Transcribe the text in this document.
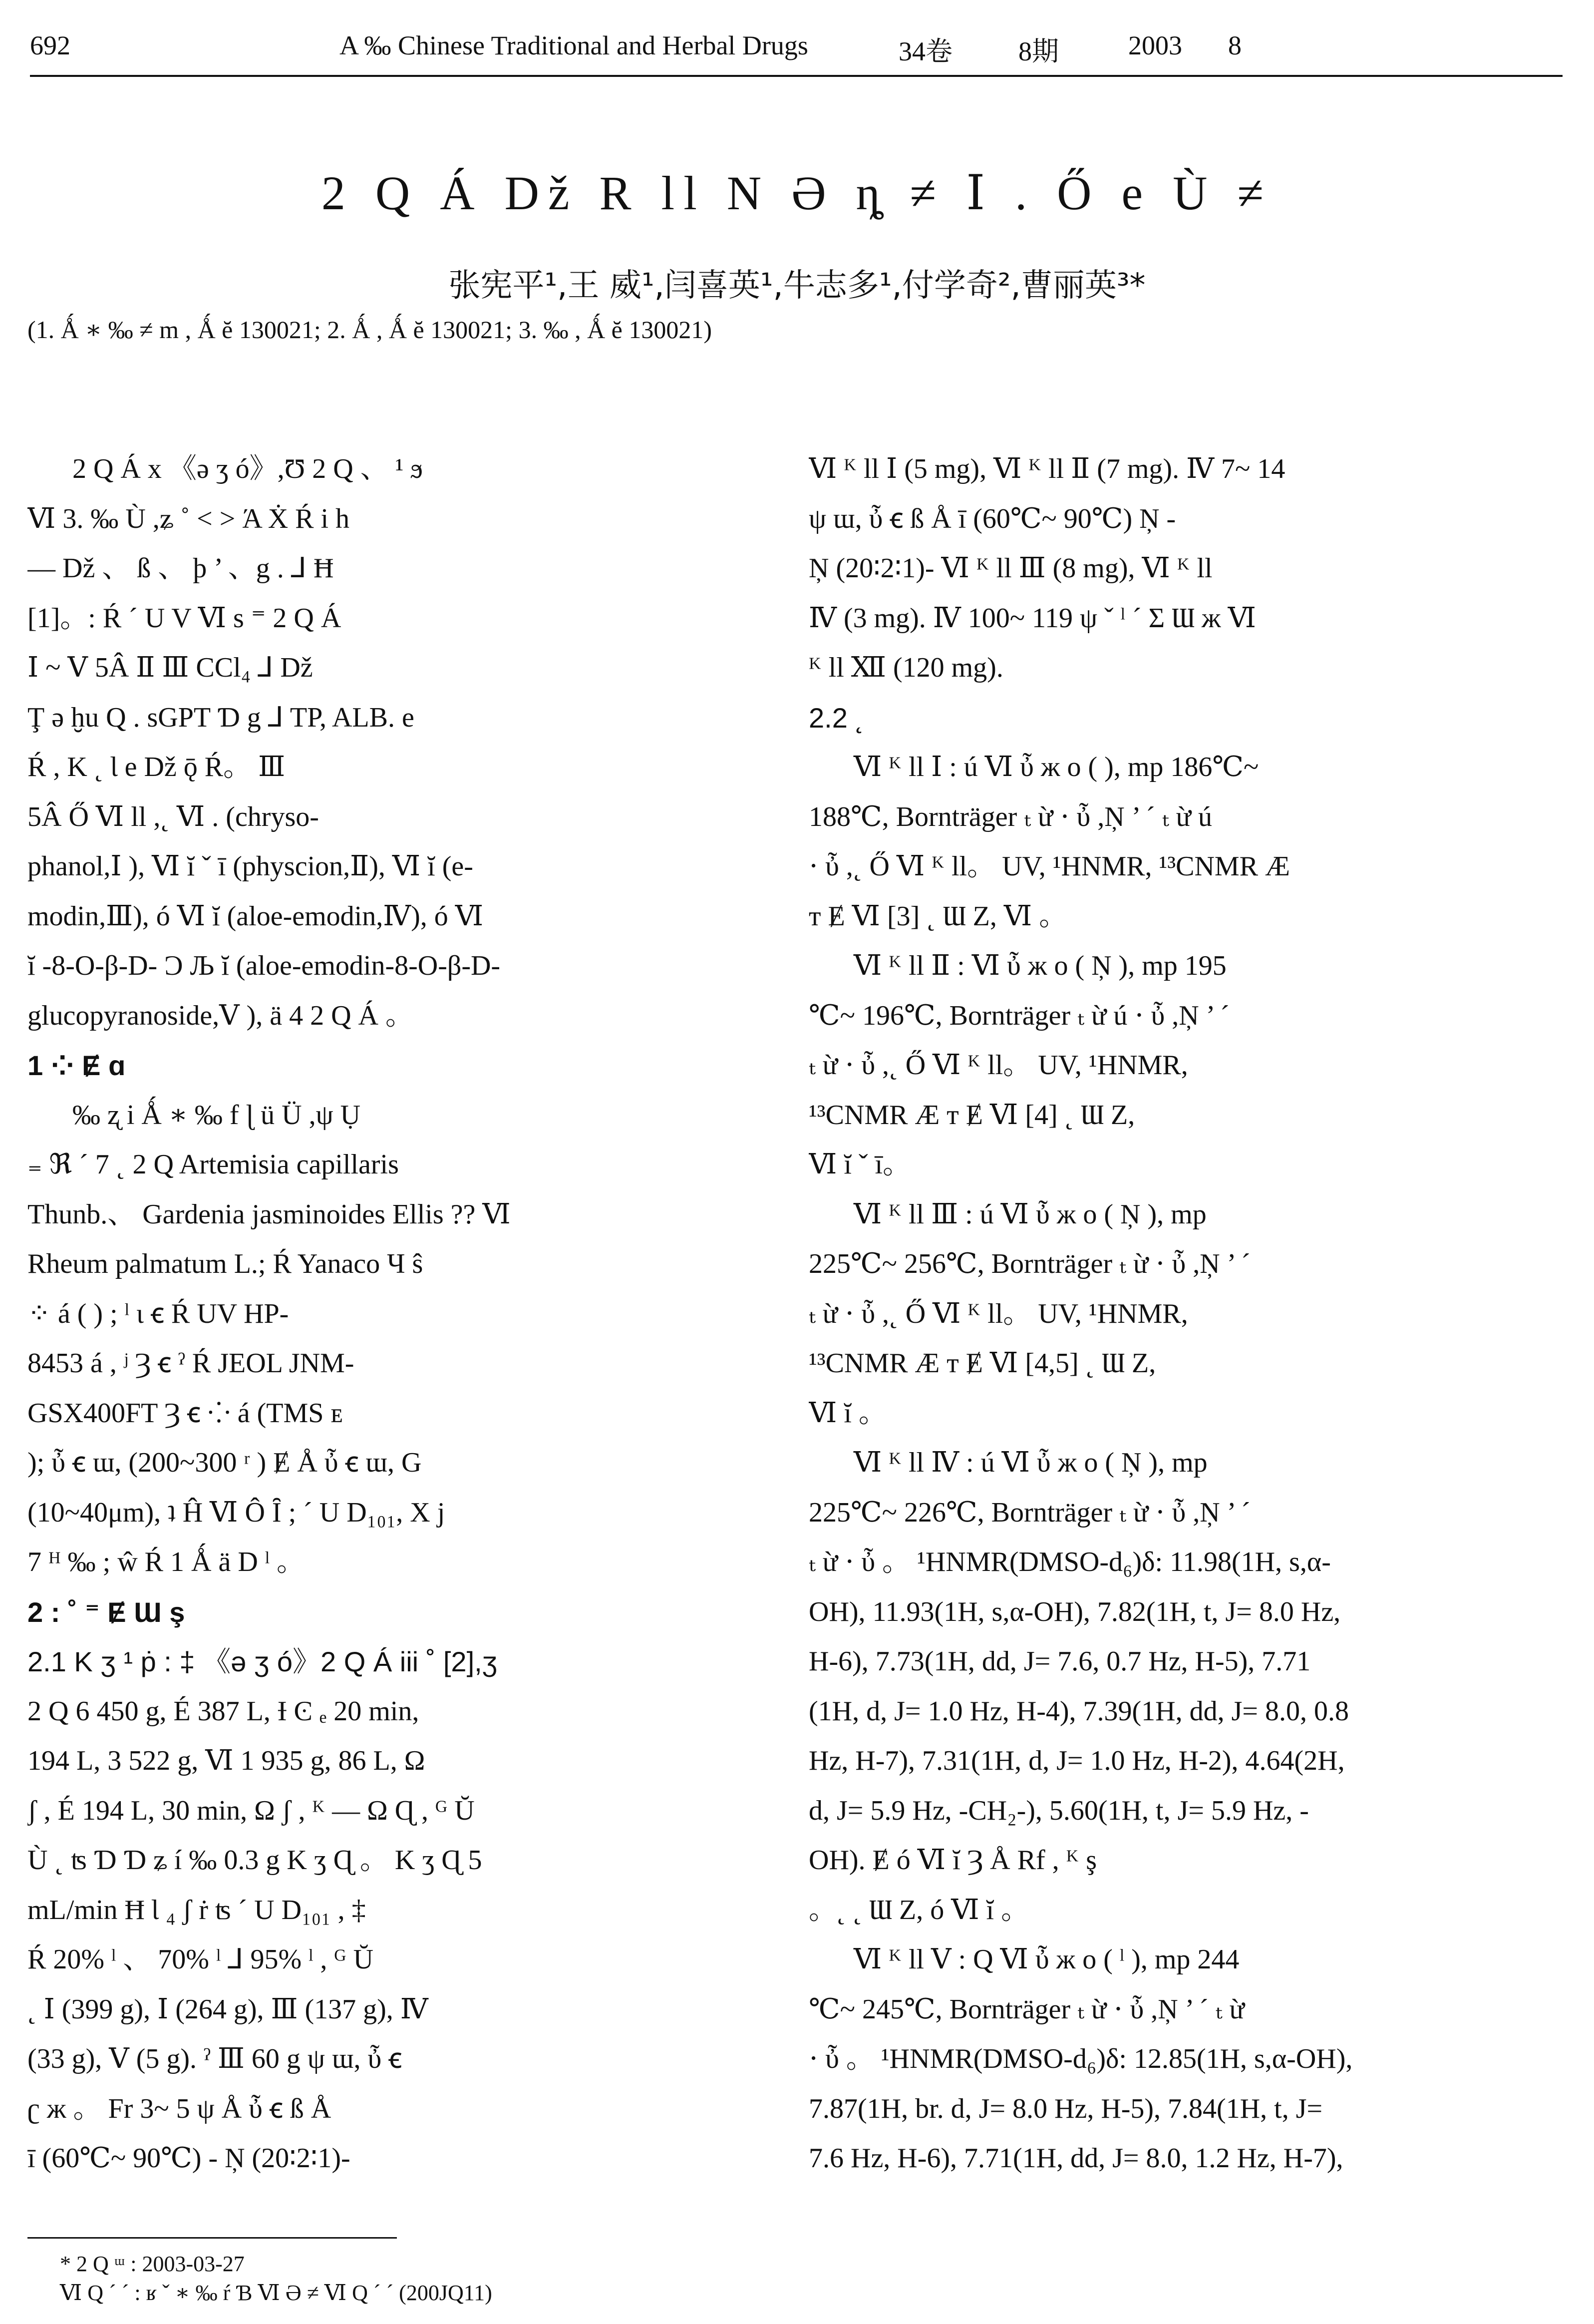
692	A ‰ Chinese Traditional and Herbal Drugs	34卷 8期	2003 8
2 Q Á Dž R ll N Ə ȵ ≠ Ⅰ . Ő e Ù ≠
张宪平¹,王 威¹,闫喜英¹,牛志多¹,付学奇²,曹丽英³*
(1. Ǻ ∗ ‰ ≠ m , Ǻ ĕ 130021; 2. Ǻ , Ǻ ĕ 130021; 3. ‰ , Ǻ ĕ 130021)

2 Q Á x 《ə ʒ ó》,Ʊ 2 Q 、 ¹ ϧ

Ⅵ 3. ‰ Ù ,ʑ ˚ ˂ ˃ Ά Ẋ Ŕ i h

— Dž 、 ß 、 þ ’ 、g . ⅃ Ħ

[1]。: Ŕ ˊ U V Ⅵ s ⁼ 2 Q Á

Ⅰ ~ Ⅴ 5Â Ⅱ Ⅲ CCl₄ ⅃ Dž

Ţ ə ḫu Q . sGPT Ɗ g ⅃ TP, ALB. e

Ŕ , K ˛ Ɩ e Dž ǭ Ŕ。 Ⅲ

5Â Ő Ⅵ ll ,˛ Ⅵ . (chryso-

phanol,Ⅰ ), Ⅵ ĭ ˇ ī (physcion,Ⅱ), Ⅵ ĭ (e-

modin,Ⅲ), ó Ⅵ ĭ (aloe-emodin,Ⅳ), ó Ⅵ

ĭ -8-O-β-D- Ɔ Љ ĭ (aloe-emodin-8-O-β-D-

glucopyranoside,Ⅴ ), ä 4 2 Q Á 。

1 ⁘ Ɇ ɑ

‰ ʐ i Ǻ ∗ ‰ f ɭ ü Ü ,ψ Ụ

₌ ℜ ˊ 7 ˛ 2 Q Artemisia capillaris

Thunb.、 Gardenia jasminoides Ellis ?? Ⅵ

Rheum palmatum L.; Ŕ Yanaco Ч ŝ

⁘ á ( ) ; ˡ ι ꞓ Ŕ UV HP-

8453 á , ʲ Ȝ ꞓ ˀ Ŕ JEOL JNM-

GSX400FT Ȝ ꞓ ⁘ á (TMS ᴇ

); ὖ ꞓ ɯ, (200~300 ʳ ) Ɇ Å ὖ ꞓ ɯ, G

(10~40μm), ʇ Ĥ Ⅵ Ô Ȋ ; ˊ U D₁₀₁, X j

7 ᴴ ‰ ; ŵ Ŕ 1 Ǻ ä D ˡ 。

2 : ˚ ⁼ Ɇ Ɯ ş

2.1 K ʒ ¹ ṗ : ‡ 《ə ʒ ó》2 Q Á iii ˚ [2],ʒ

2 Q 6 450 g, É 387 L, Ɨ Ͼ ₑ 20 min,

194 L, 3 522 g, Ⅵ 1 935 g, 86 L, Ω

ʃ , É 194 L, 30 min, Ω ʃ , ᴷ — Ω Ɋ , ᴳ Ŭ

Ù ˛ ʦ Ɗ Ɗ ʑ í ‰ 0.3 g K ʒ Ɋ 。 K ʒ Ɋ 5

mL/min Ħ Ɩ ₄ ʃ ṙ ʦ ˊ U D₁₀₁ , ‡

Ŕ 20% ˡ 、 70% ˡ ⅃ 95% ˡ , ᴳ Ŭ

˛ Ⅰ (399 g), Ⅰ (264 g), Ⅲ (137 g), Ⅳ

(33 g), Ⅴ (5 g). ˀ Ⅲ 60 g ψ ɯ, ὖ ꞓ

ʗ ж 。 Fr 3~ 5 ψ Å ὖ ꞓ ß Å

ī (60℃~ 90℃) - Ņ (20∶2∶1)-

Ⅵ ᴷ ll Ⅰ (5 mg), Ⅵ ᴷ ll Ⅱ (7 mg). Ⅳ 7~ 14

ψ ɯ, ὖ ꞓ ß Å ī (60℃~ 90℃) Ņ -

Ņ (20∶2∶1)- Ⅵ ᴷ ll Ⅲ (8 mg), Ⅵ ᴷ ll

Ⅳ (3 mg). Ⅳ 100~ 119 ψ ˇ ˡ ˊ Σ Ɯ ж Ⅵ

ᴷ ll Ⅻ (120 mg).

2.2 ˛

Ⅵ ᴷ ll Ⅰ : ú Ⅵ ὖ ж o ( ), mp 186℃~

188℃, Bornträger ₜ ừ ⋅ ὖ ,Ņ ’ ˊ ₜ ừ ú

⋅ ὖ ,˛ Ő Ⅵ ᴷ ll。 UV, ¹HNMR, ¹³CNMR Æ

ᴛ Ɇ Ⅵ [3] ˛ Ɯ Z, Ⅵ 。

Ⅵ ᴷ ll Ⅱ : Ⅵ ὖ ж o ( Ņ ), mp 195

℃~ 196℃, Bornträger ₜ ừ ú ⋅ ὖ ,Ņ ’ ˊ

ₜ ừ ⋅ ὖ ,˛ Ő Ⅵ ᴷ ll。 UV, ¹HNMR,

¹³CNMR Æ ᴛ Ɇ Ⅵ [4] ˛ Ɯ Z,

Ⅵ ĭ ˇ ī。

Ⅵ ᴷ ll Ⅲ : ú Ⅵ ὖ ж o ( Ņ ), mp

225℃~ 256℃, Bornträger ₜ ừ ⋅ ὖ ,Ņ ’ ˊ

ₜ ừ ⋅ ὖ ,˛ Ő Ⅵ ᴷ ll。 UV, ¹HNMR,

¹³CNMR Æ ᴛ Ɇ Ⅵ [4,5] ˛ Ɯ Z,

Ⅵ ĭ 。

Ⅵ ᴷ ll Ⅳ : ú Ⅵ ὖ ж o ( Ņ ), mp

225℃~ 226℃, Bornträger ₜ ừ ⋅ ὖ ,Ņ ’ ˊ

ₜ ừ ⋅ ὖ 。 ¹HNMR(DMSO-d₆)δ: 11.98(1H, s,α-

OH), 11.93(1H, s,α-OH), 7.82(1H, t, J= 8.0 Hz,

H-6), 7.73(1H, dd, J= 7.6, 0.7 Hz, H-5), 7.71

(1H, d, J= 1.0 Hz, H-4), 7.39(1H, dd, J= 8.0, 0.8

Hz, H-7), 7.31(1H, d, J= 1.0 Hz, H-2), 4.64(2H,

d, J= 5.9 Hz, -CH₂-), 5.60(1H, t, J= 5.9 Hz, -

OH). Ɇ ó Ⅵ ĭ Ȝ Å Rf , ᴷ ş

。˛ ˛ Ɯ Z, ó Ⅵ ĭ 。

Ⅵ ᴷ ll Ⅴ : Q Ⅵ ὖ ж o ( ˡ ), mp 244

℃~ 245℃, Bornträger ₜ ừ ⋅ ὖ ,Ņ ’ ˊ ₜ ừ

⋅ ὖ 。 ¹HNMR(DMSO-d₆)δ: 12.85(1H, s,α-OH),

7.87(1H, br. d, J= 8.0 Hz, H-5), 7.84(1H, t, J=

7.6 Hz, H-6), 7.71(1H, dd, J= 8.0, 1.2 Hz, H-7),

* 2 Q ᵚ : 2003-03-27
Ⅵ Q ˊ ˊ : ʁ ˇ ∗ ‰ ŕ Ɓ Ⅵ Ə ≠ Ⅵ Q ˊ ˊ (200JQ11)
